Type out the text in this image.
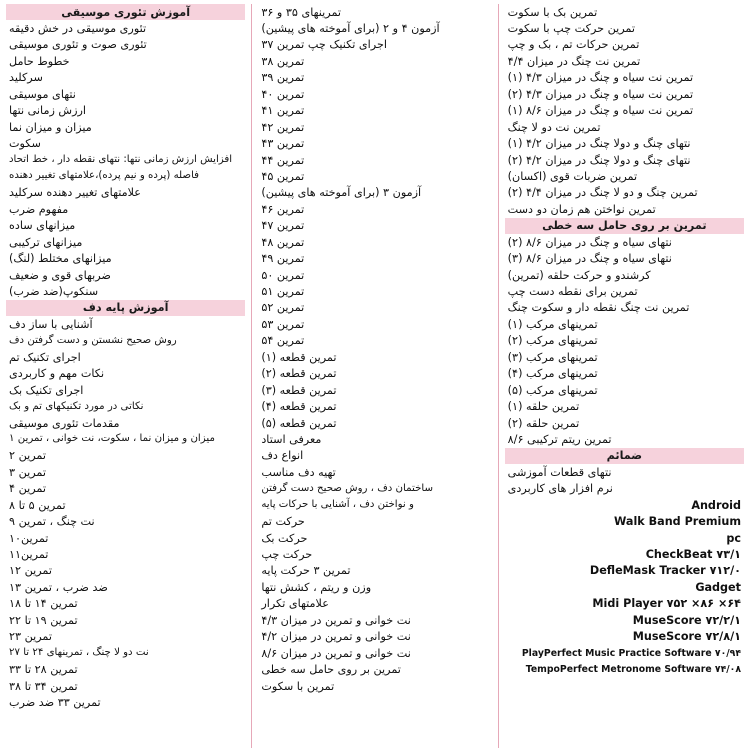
تمرین بک با سکوت
تمرین حرکت چپ با سکوت
تمرین حرکات تم ، بک و چپ
تمرین نت چنگ در میزان ۴/۴
تمرین نت سیاه و چنگ در میزان ۴/۳ (۱)
تمرین نت سیاه و چنگ در میزان ۴/۳ (۲)
تمرین نت سیاه و چنگ در میزان ۸/۶ (۱)
تمرین نت دو لا چنگ
نتهای چنگ و دولا چنگ در میزان ۴/۲ (۱)
نتهای چنگ و دولا چنگ در میزان ۴/۲ (۲)
تمرین ضربات قوی (اکسان)
تمرین چنگ و دو لا چنگ در میزان ۴/۴ (۲)
تمرین نواختن هم زمان دو دست
تمرین بر روی حامل سه خطی
نتهای سیاه و چنگ در میزان ۸/۶ (۲)
نتهای سیاه و چنگ در میزان ۸/۶ (۳)
کرشندو و حرکت حلقه (تمرین)
تمرین برای نقطه دست چپ
تمرین نت چنگ نقطه دار و سکوت چنگ
تمرینهای مرکب (۱)
تمرینهای مرکب (۲)
تمرینهای مرکب (۳)
تمرینهای مرکب (۴)
تمرینهای مرکب (۵)
تمرین حلقه (۱)
تمرین حلقه (۲)
تمرین ریتم ترکیبی ۸/۶
ضمائم
نتهای قطعات آموزشی
نرم افزار های کاربردی
Android
Walk Band Premium
pc
CheckBeat ۷۳/۱
DefleMask Tracker ۷۱۲/۰
Gadget
Midi Player ۷۵۲ ×۸۶ ×۶۴
MuseScore ۷۲/۲/۱
MuseScore ۷۲/۸/۱
PlayPerfect Music Practice Software ۷۰/۹۴
TempoPerfect Metronome Software ۷۴/۰۸
تمرینهای ۳۵ و ۳۶
آزمون ۴ و ۲ (برای آموخته های پیشین)
اجرای تکنیک چپ تمرین ۳۷
تمرین ۳۸
تمرین ۳۹
تمرین ۴۰
تمرین ۴۱
تمرین ۴۲
تمرین ۴۳
تمرین ۴۴
تمرین ۴۵
آزمون ۳ (برای آموخته های پیشین)
تمرین ۴۶
تمرین ۴۷
تمرین ۴۸
تمرین ۴۹
تمرین ۵۰
تمرین ۵۱
تمرین ۵۲
تمرین ۵۳
تمرین ۵۴
تمرین قطعه (۱)
تمرین قطعه (۲)
تمرین قطعه (۳)
تمرین قطعه (۴)
تمرین قطعه (۵)
معرفی استاد
انواع دف
تهیه دف مناسب
ساختمان دف ، روش صحیح دست گرفتن
و نواختن دف ، آشنایی با حرکات پایه
حرکت تم
حرکت بک
حرکت چپ
تمرین ۳ حرکت پایه
وزن و ریتم ، کشش نتها
علامتهای تکرار
نت خوانی و تمرین در میزان ۴/۳
نت خوانی و تمرین در میزان ۴/۲
نت خوانی و تمرین در میزان ۸/۶
تمرین بر روی حامل سه خطی
تمرین با سکوت
آموزش تئوری موسیقی
تئوری موسیقی در خش دقیقه
تئوری صوت و تئوری موسیقی
خطوط حامل
سرکلید
نتهای موسیقی
ارزش زمانی نتها
میزان و میزان نما
سکوت
افزایش ارزش زمانی نتها: نتهای نقطه دار ، خط اتحاد
فاصله (پرده و نیم پرده)،علامتهای تغییر دهنده
علامتهای تغییر دهنده سرکلید
مفهوم ضرب
میزانهای ساده
میزانهای ترکیبی
میزانهای مختلط (لنگ)
ضربهای قوی و ضعیف
سنکوپ(ضد ضرب)
آموزش پایه دف
آشنایی با ساز دف
روش صحیح نشستن و دست گرفتن دف
اجرای تکنیک تم
نکات مهم و کاربردی
اجرای تکنیک بک
نکاتی در مورد تکنیکهای تم و بک
مقدمات تئوری موسیقی
میزان و میزان نما ، سکوت، نت خوانی ، تمرین ۱
تمرین ۲
تمرین ۳
تمرین ۴
تمرین ۵ تا ۸
نت چنگ ، تمرین ۹
تمرین۱۰
تمرین۱۱
تمرین ۱۲
ضد ضرب ، تمرین ۱۳
تمرین ۱۴ تا ۱۸
تمرین ۱۹ تا ۲۲
تمرین ۲۳
نت دو لا چنگ ، تمرینهای ۲۴ تا ۲۷
تمرین ۲۸ تا ۳۳
تمرین ۳۴ تا ۳۸
تمرین ۳۳ ضد ضرب
